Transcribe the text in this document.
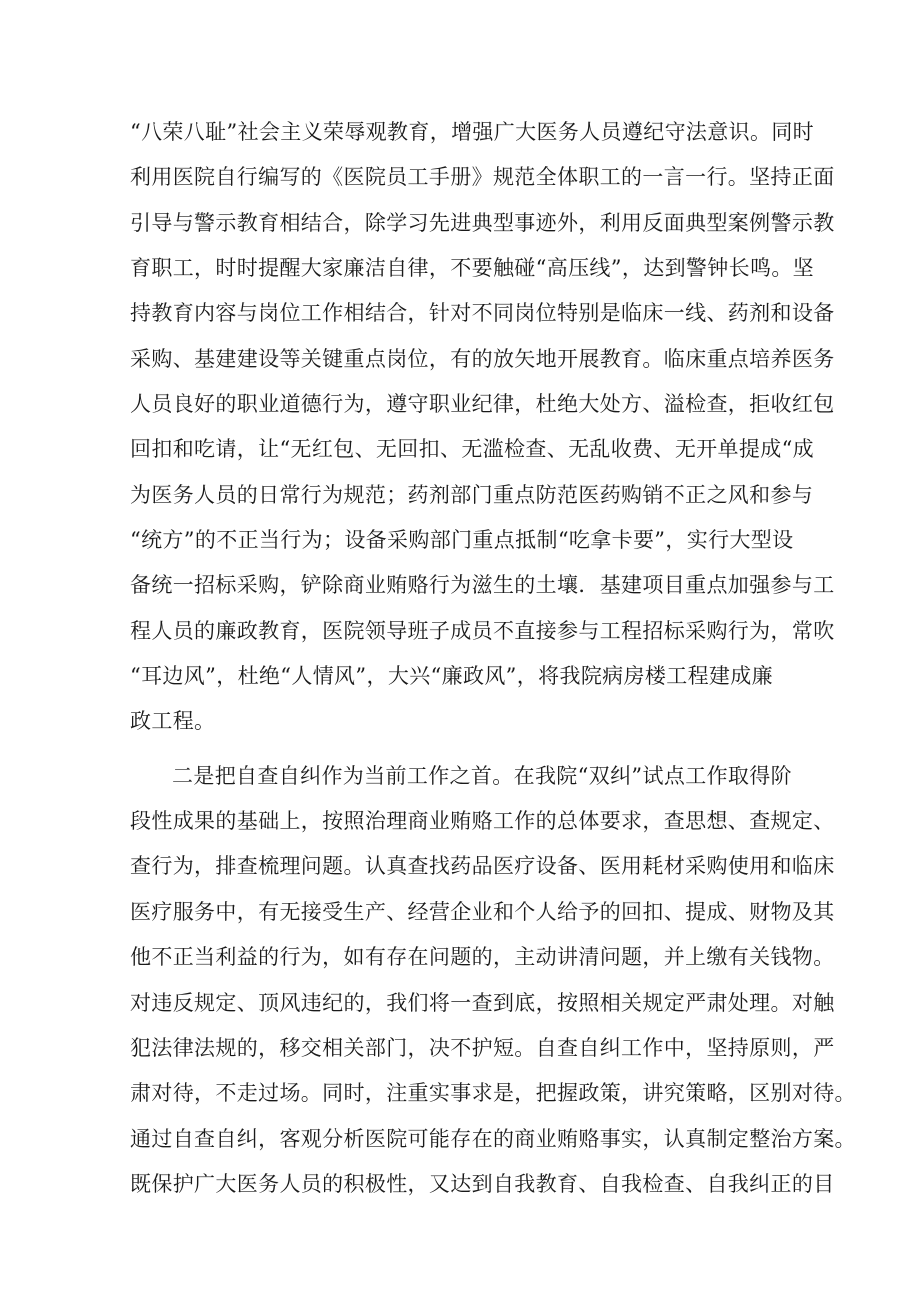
“八荣八耻”社会主义荣辱观教育，增强广大医务人员遵纪守法意识。同时
利用医院自行编写的《医院员工手册》规范全体职工的一言一行。坚持正面
引导与警示教育相结合，除学习先进典型事迹外，利用反面典型案例警示教
育职工，时时提醒大家廉洁自律，不要触碰“高压线”，达到警钟长鸣。坚
持教育内容与岗位工作相结合，针对不同岗位特别是临床一线、药剂和设备
采购、基建建设等关键重点岗位，有的放矢地开展教育。临床重点培养医务
人员良好的职业道德行为，遵守职业纪律，杜绝大处方、溢检查，拒收红包
回扣和吃请，让“无红包、无回扣、无滥检查、无乱收费、无开单提成“成
为医务人员的日常行为规范；药剂部门重点防范医药购销不正之风和参与
“统方”的不正当行为；设备采购部门重点抵制“吃拿卡要”，实行大型设
备统一招标采购，铲除商业贿赂行为滋生的土壤．基建项目重点加强参与工
程人员的廉政教育，医院领导班子成员不直接参与工程招标采购行为，常吹
“耳边风”，杜绝“人情风”，大兴“廉政风”，将我院病房楼工程建成廉
政工程。
二是把自查自纠作为当前工作之首。在我院“双纠”试点工作取得阶
段性成果的基础上，按照治理商业贿赂工作的总体要求，查思想、查规定、
查行为，排查梳理问题。认真查找药品医疗设备、医用耗材采购使用和临床
医疗服务中，有无接受生产、经营企业和个人给予的回扣、提成、财物及其
他不正当利益的行为，如有存在问题的，主动讲清问题，并上缴有关钱物。
对违反规定、顶风违纪的，我们将一查到底，按照相关规定严肃处理。对触
犯法律法规的，移交相关部门，决不护短。自查自纠工作中，坚持原则，严
肃对待，不走过场。同时，注重实事求是，把握政策，讲究策略，区别对待。
通过自查自纠，客观分析医院可能存在的商业贿赂事实，认真制定整治方案。
既保护广大医务人员的积极性，又达到自我教育、自我检查、自我纠正的目
